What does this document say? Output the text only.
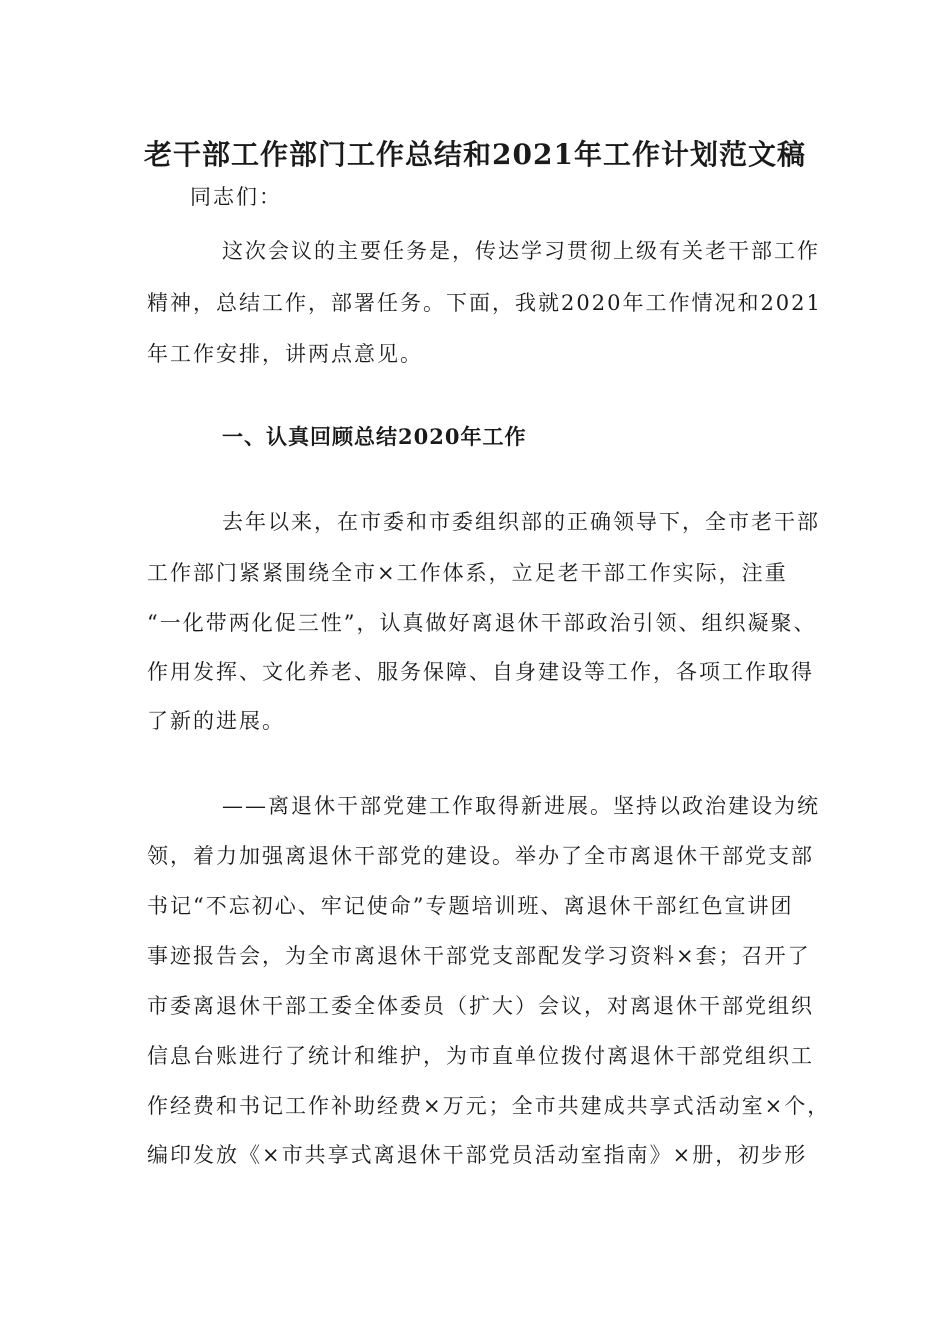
老干部工作部门工作总结和2021年工作计划范文稿
同志们：
这次会议的主要任务是，传达学习贯彻上级有关老干部工作
精神，总结工作，部署任务。下面，我就2020年工作情况和2021
年工作安排，讲两点意见。
一、认真回顾总结2020年工作
去年以来，在市委和市委组织部的正确领导下，全市老干部
工作部门紧紧围绕全市×工作体系，立足老干部工作实际，注重
“一化带两化促三性”，认真做好离退休干部政治引领、组织凝聚、
作用发挥、文化养老、服务保障、自身建设等工作，各项工作取得
了新的进展。
——离退休干部党建工作取得新进展。坚持以政治建设为统
领，着力加强离退休干部党的建设。举办了全市离退休干部党支部
书记“不忘初心、牢记使命”专题培训班、离退休干部红色宣讲团
事迹报告会，为全市离退休干部党支部配发学习资料×套；召开了
市委离退休干部工委全体委员（扩大）会议，对离退休干部党组织
信息台账进行了统计和维护，为市直单位拨付离退休干部党组织工
作经费和书记工作补助经费×万元；全市共建成共享式活动室×个，
编印发放《×市共享式离退休干部党员活动室指南》×册，初步形
